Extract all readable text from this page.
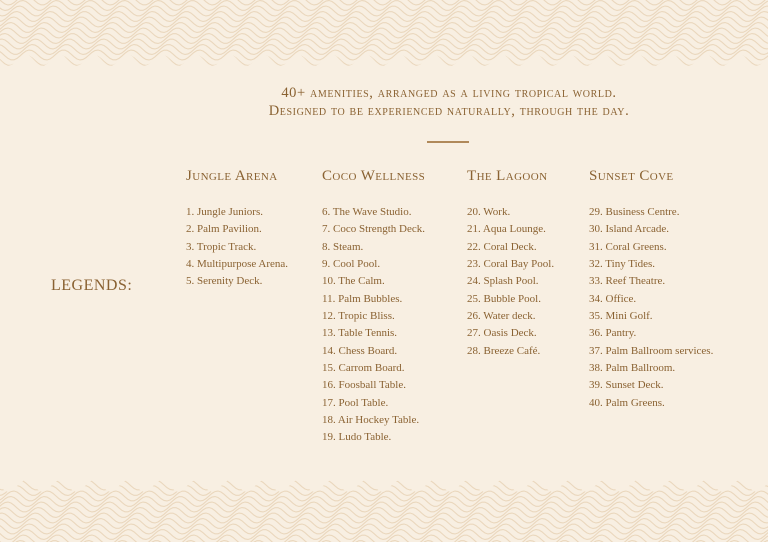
40+ amenities, arranged as a living tropical world.
Designed to be experienced naturally, through the day.
LEGENDS:
Jungle Arena
1. Jungle Juniors.
2. Palm Pavilion.
3. Tropic Track.
4. Multipurpose Arena.
5. Serenity Deck.
Coco Wellness
6. The Wave Studio.
7. Coco Strength Deck.
8. Steam.
9. Cool Pool.
10. The Calm.
11. Palm Bubbles.
12. Tropic Bliss.
13. Table Tennis.
14. Chess Board.
15. Carrom Board.
16. Foosball Table.
17. Pool Table.
18. Air Hockey Table.
19. Ludo Table.
The Lagoon
20. Work.
21. Aqua Lounge.
22. Coral Deck.
23. Coral Bay Pool.
24. Splash Pool.
25. Bubble Pool.
26. Water deck.
27. Oasis Deck.
28. Breeze Café.
Sunset Cove
29. Business Centre.
30. Island Arcade.
31. Coral Greens.
32. Tiny Tides.
33. Reef Theatre.
34. Office.
35. Mini Golf.
36. Pantry.
37. Palm Ballroom services.
38. Palm Ballroom.
39. Sunset Deck.
40. Palm Greens.
